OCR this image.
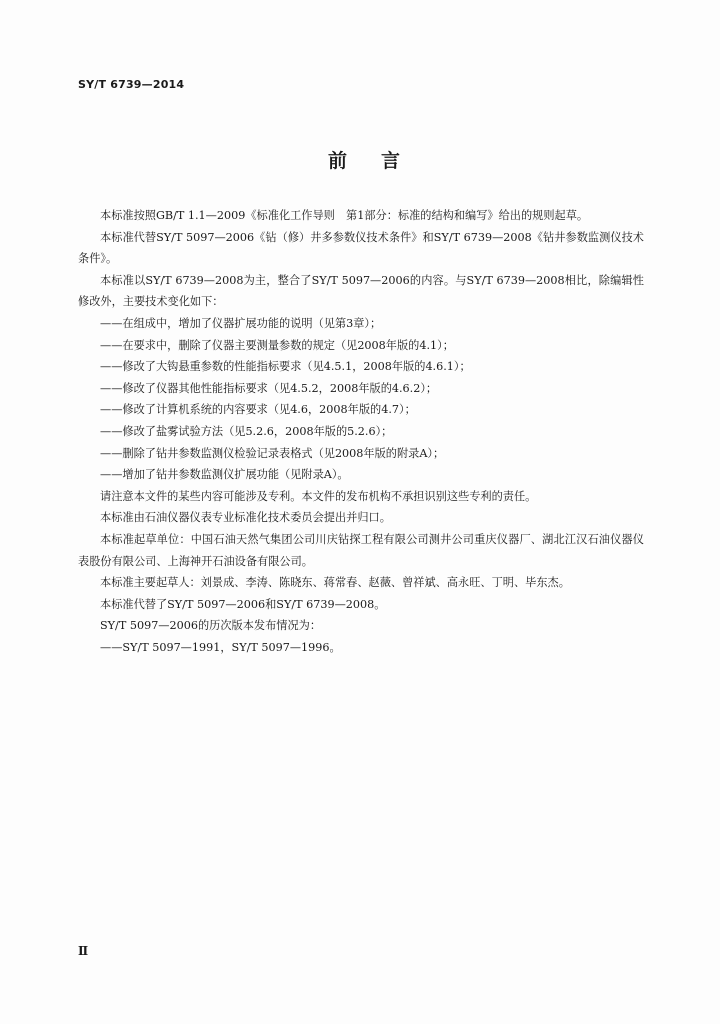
SY/T 6739—2014
前言

本标准按照GB/T 1.1—2009《标准化工作导则　第1部分：标准的结构和编写》给出的规则起草。

本标准代替SY/T 5097—2006《钻（修）井多参数仪技术条件》和SY/T 6739—2008《钻井参数监测仪技术条件》。

本标准以SY/T 6739—2008为主，整合了SY/T 5097—2006的内容。与SY/T 6739—2008相比，除编辑性修改外，主要技术变化如下：

——在组成中，增加了仪器扩展功能的说明（见第3章）；

——在要求中，删除了仪器主要测量参数的规定（见2008年版的4.1）；

——修改了大钩悬重参数的性能指标要求（见4.5.1，2008年版的4.6.1）；

——修改了仪器其他性能指标要求（见4.5.2，2008年版的4.6.2）；

——修改了计算机系统的内容要求（见4.6，2008年版的4.7）；

——修改了盐雾试验方法（见5.2.6，2008年版的5.2.6）；

——删除了钻井参数监测仪检验记录表格式（见2008年版的附录A）；

——增加了钻井参数监测仪扩展功能（见附录A）。

请注意本文件的某些内容可能涉及专利。本文件的发布机构不承担识别这些专利的责任。

本标准由石油仪器仪表专业标准化技术委员会提出并归口。

本标准起草单位：中国石油天然气集团公司川庆钻探工程有限公司测井公司重庆仪器厂、湖北江汉石油仪器仪表股份有限公司、上海神开石油设备有限公司。

本标准主要起草人：刘景成、李涛、陈晓东、蒋常春、赵薇、曾祥斌、高永旺、丁明、毕东杰。

本标准代替了SY/T 5097—2006和SY/T 6739—2008。

SY/T 5097—2006的历次版本发布情况为：

——SY/T 5097—1991，SY/T 5097—1996。

Ⅱ
